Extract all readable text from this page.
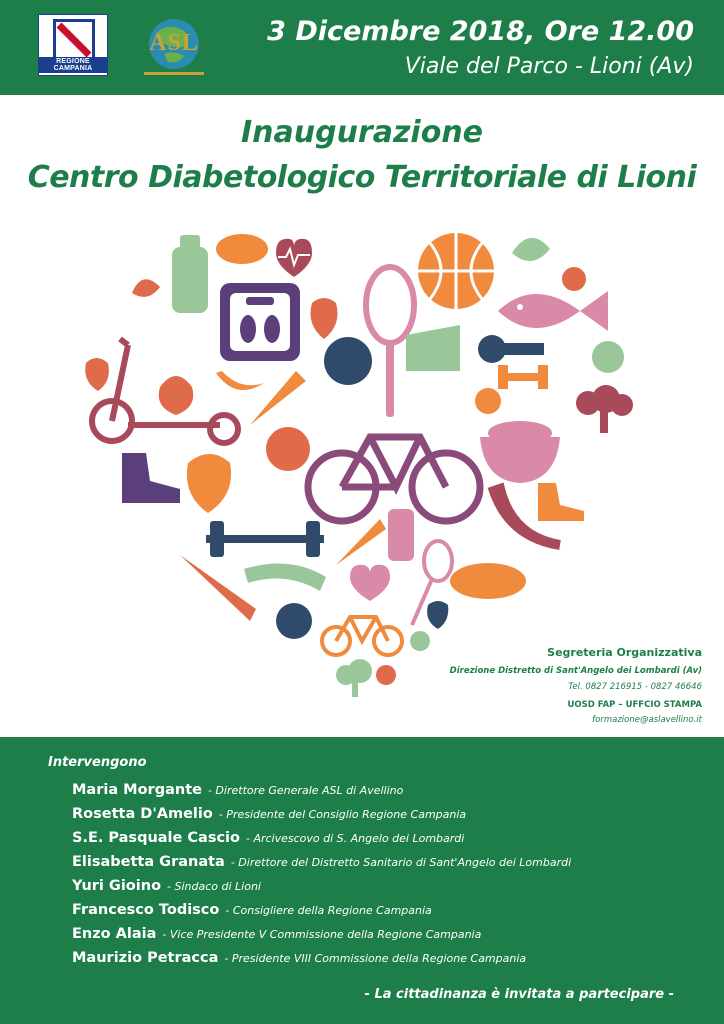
REGIONE CAMPANIA
ASL	3 Dicembre 2018, Ore 12.00
Viale del Parco - Lioni (Av)
Inaugurazione
Centro Diabetologico Territoriale di Lioni
Segreteria Organizzativa
Direzione Distretto di Sant'Angelo dei Lombardi (Av)
Tel. 0827 216915 - 0827 46646
UOSD FAP – UFFCIO STAMPA
formazione@aslavellino.it
Intervengono
Maria Morgante - Direttore Generale ASL di Avellino
Rosetta D'Amelio - Presidente del Consiglio Regione Campania
S.E. Pasquale Cascio - Arcivescovo di S. Angelo dei Lombardi
Elisabetta Granata - Direttore del Distretto Sanitario di Sant'Angelo dei Lombardi
Yuri Gioino - Sindaco di Lioni
Francesco Todisco - Consigliere della Regione Campania
Enzo Alaia - Vice Presidente V Commissione della Regione Campania
Maurizio Petracca - Presidente VIII Commissione della Regione Campania
- La cittadinanza è invitata a partecipare -
